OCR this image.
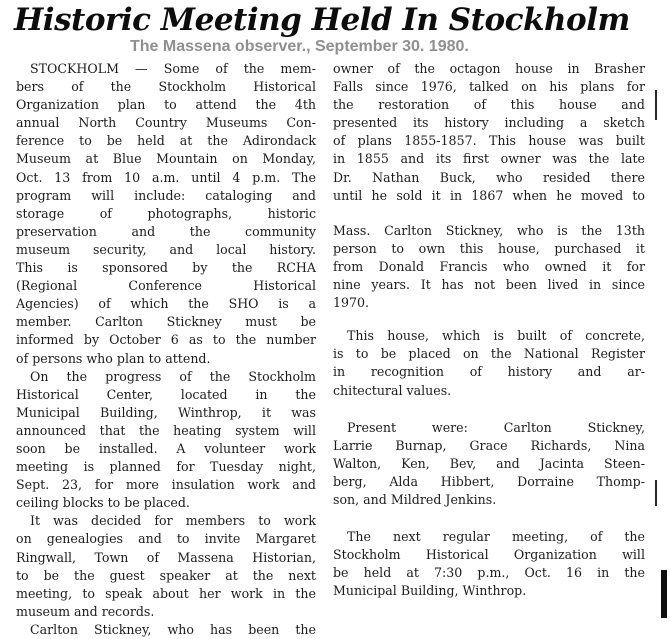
Historic Meeting Held In Stockholm
The Massena observer., September 30. 1980.
STOCKHOLM — Some of the mem-
bers of the Stockholm Historical
Organization plan to attend the 4th
annual North Country Museums Con-
ference to be held at the Adirondack
Museum at Blue Mountain on Monday,
Oct. 13 from 10 a.m. until 4 p.m. The
program will include: cataloging and
storage of photographs, historic
preservation and the community
museum security, and local history.
This is sponsored by the RCHA
(Regional Conference Historical
Agencies) of which the SHO is a
member. Carlton Stickney must be
informed by October 6 as to the number
of persons who plan to attend.
On the progress of the Stockholm
Historical Center, located in the
Municipal Building, Winthrop, it was
announced that the heating system will
soon be installed. A volunteer work
meeting is planned for Tuesday night,
Sept. 23, for more insulation work and
ceiling blocks to be placed.
It was decided for members to work
on genealogies and to invite Margaret
Ringwall, Town of Massena Historian,
to be the guest speaker at the next
meeting, to speak about her work in the
museum and records.
Carlton Stickney, who has been the
owner of the octagon house in Brasher
Falls since 1976, talked on his plans for
the restoration of this house and
presented its history including a sketch
of plans 1855-1857. This house was built
in 1855 and its first owner was the late
Dr. Nathan Buck, who resided there
until he sold it in 1867 when he moved to
Mass. Carlton Stickney, who is the 13th
person to own this house, purchased it
from Donald Francis who owned it for
nine years. It has not been lived in since
1970.
This house, which is built of concrete,
is to be placed on the National Register
in recognition of history and ar-
chitectural values.
Present were: Carlton Stickney,
Larrie Burnap, Grace Richards, Nina
Walton, Ken, Bev, and Jacinta Steen-
berg, Alda Hibbert, Dorraine Thomp-
son, and Mildred Jenkins.
The next regular meeting, of the
Stockholm Historical Organization will
be held at 7:30 p.m., Oct. 16 in the
Municipal Building, Winthrop.
